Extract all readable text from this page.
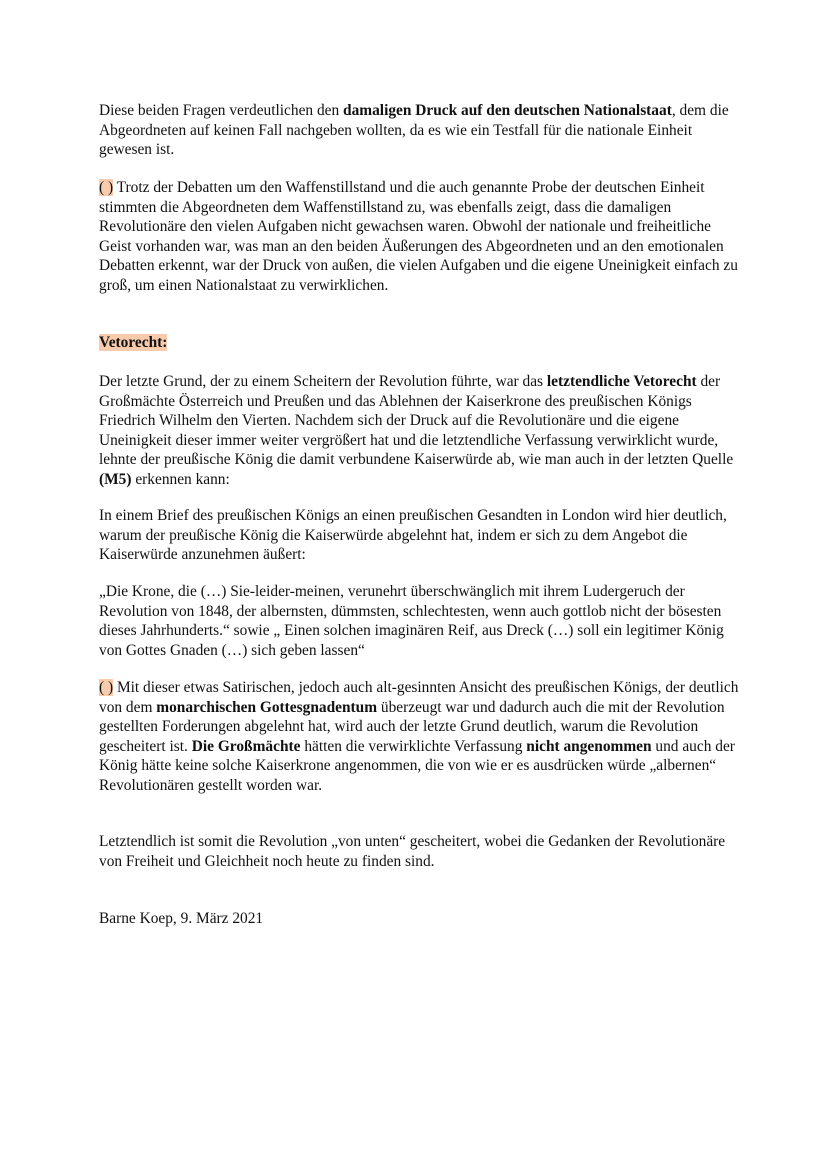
Diese beiden Fragen verdeutlichen den damaligen Druck auf den deutschen Nationalstaat, dem die Abgeordneten auf keinen Fall nachgeben wollten, da es wie ein Testfall für die nationale Einheit gewesen ist.

( ) Trotz der Debatten um den Waffenstillstand und die auch genannte Probe der deutschen Einheit stimmten die Abgeordneten dem Waffenstillstand zu, was ebenfalls zeigt, dass die damaligen Revolutionäre den vielen Aufgaben nicht gewachsen waren. Obwohl der nationale und freiheitliche Geist vorhanden war, was man an den beiden Äußerungen des Abgeordneten und an den emotionalen Debatten erkennt, war der Druck von außen, die vielen Aufgaben und die eigene Uneinigkeit einfach zu groß, um einen Nationalstaat zu verwirklichen.

Vetorecht:

Der letzte Grund, der zu einem Scheitern der Revolution führte, war das letztendliche Vetorecht der Großmächte Österreich und Preußen und das Ablehnen der Kaiserkrone des preußischen Königs Friedrich Wilhelm den Vierten. Nachdem sich der Druck auf die Revolutionäre und die eigene Uneinigkeit dieser immer weiter vergrößert hat und die letztendliche Verfassung verwirklicht wurde, lehnte der preußische König die damit verbundene Kaiserwürde ab, wie man auch in der letzten Quelle (M5) erkennen kann:

In einem Brief des preußischen Königs an einen preußischen Gesandten in London wird hier deutlich, warum der preußische König die Kaiserwürde abgelehnt hat, indem er sich zu dem Angebot die Kaiserwürde anzunehmen äußert:

„Die Krone, die (…) Sie-leider-meinen, verunehrt überschwänglich mit ihrem Ludergeruch der Revolution von 1848, der albernsten, dümmsten, schlechtesten, wenn auch gottlob nicht der bösesten dieses Jahrhunderts.“ sowie „ Einen solchen imaginären Reif, aus Dreck (…) soll ein legitimer König von Gottes Gnaden (…) sich geben lassen“

( ) Mit dieser etwas Satirischen, jedoch auch alt-gesinnten Ansicht des preußischen Königs, der deutlich von dem monarchischen Gottesgnadentum überzeugt war und dadurch auch die mit der Revolution gestellten Forderungen abgelehnt hat, wird auch der letzte Grund deutlich, warum die Revolution gescheitert ist. Die Großmächte hätten die verwirklichte Verfassung nicht angenommen und auch der König hätte keine solche Kaiserkrone angenommen, die von wie er es ausdrücken würde „albernen“ Revolutionären gestellt worden war.

Letztendlich ist somit die Revolution „von unten“ gescheitert, wobei die Gedanken der Revolutionäre von Freiheit und Gleichheit noch heute zu finden sind.

Barne Koep, 9. März 2021
